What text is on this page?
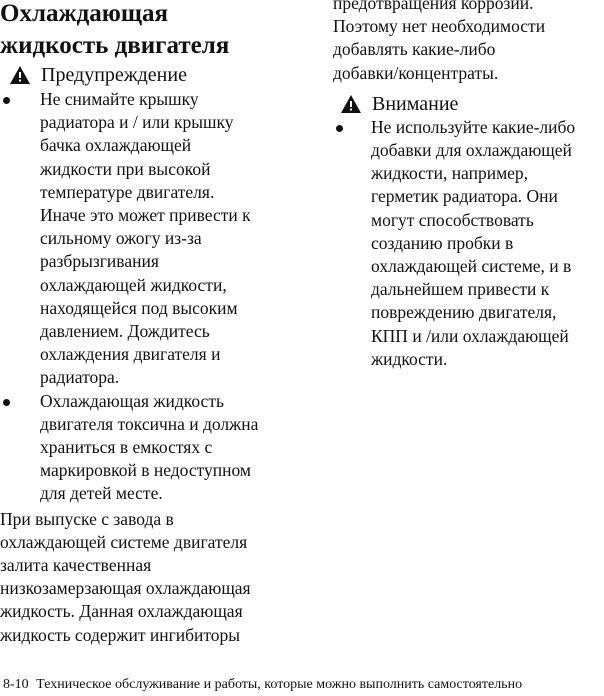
Охлаждающая
жидкость двигателя
Предупреждение
Не снимайте крышку
радиатора и / или крышку
бачка охлаждающей
жидкости при высокой
температуре двигателя.
Иначе это может привести к
сильному ожогу из-за
разбрызгивания
охлаждающей жидкости,
находящейся под высоким
давлением. Дождитесь
охлаждения двигателя и
радиатора.
Охлаждающая жидкость
двигателя токсична и должна
храниться в емкостях с
маркировкой в недоступном
для детей месте.

При выпуске с завода в
охлаждающей системе двигателя
залита качественная
низкозамерзающая охлаждающая
жидкость. Данная охлаждающая
жидкость содержит ингибиторы

предотвращения коррозии.
Поэтому нет необходимости
добавлять какие-либо
добавки/концентраты.

Внимание
Не используйте какие-либо
добавки для охлаждающей
жидкости, например,
герметик радиатора. Они
могут способствовать
созданию пробки в
охлаждающей системе, и в
дальнейшем привести к
повреждению двигателя,
КПП и /или охлаждающей
жидкости.
8-10 Техническое обслуживание и работы, которые можно выполнить самостоятельно
